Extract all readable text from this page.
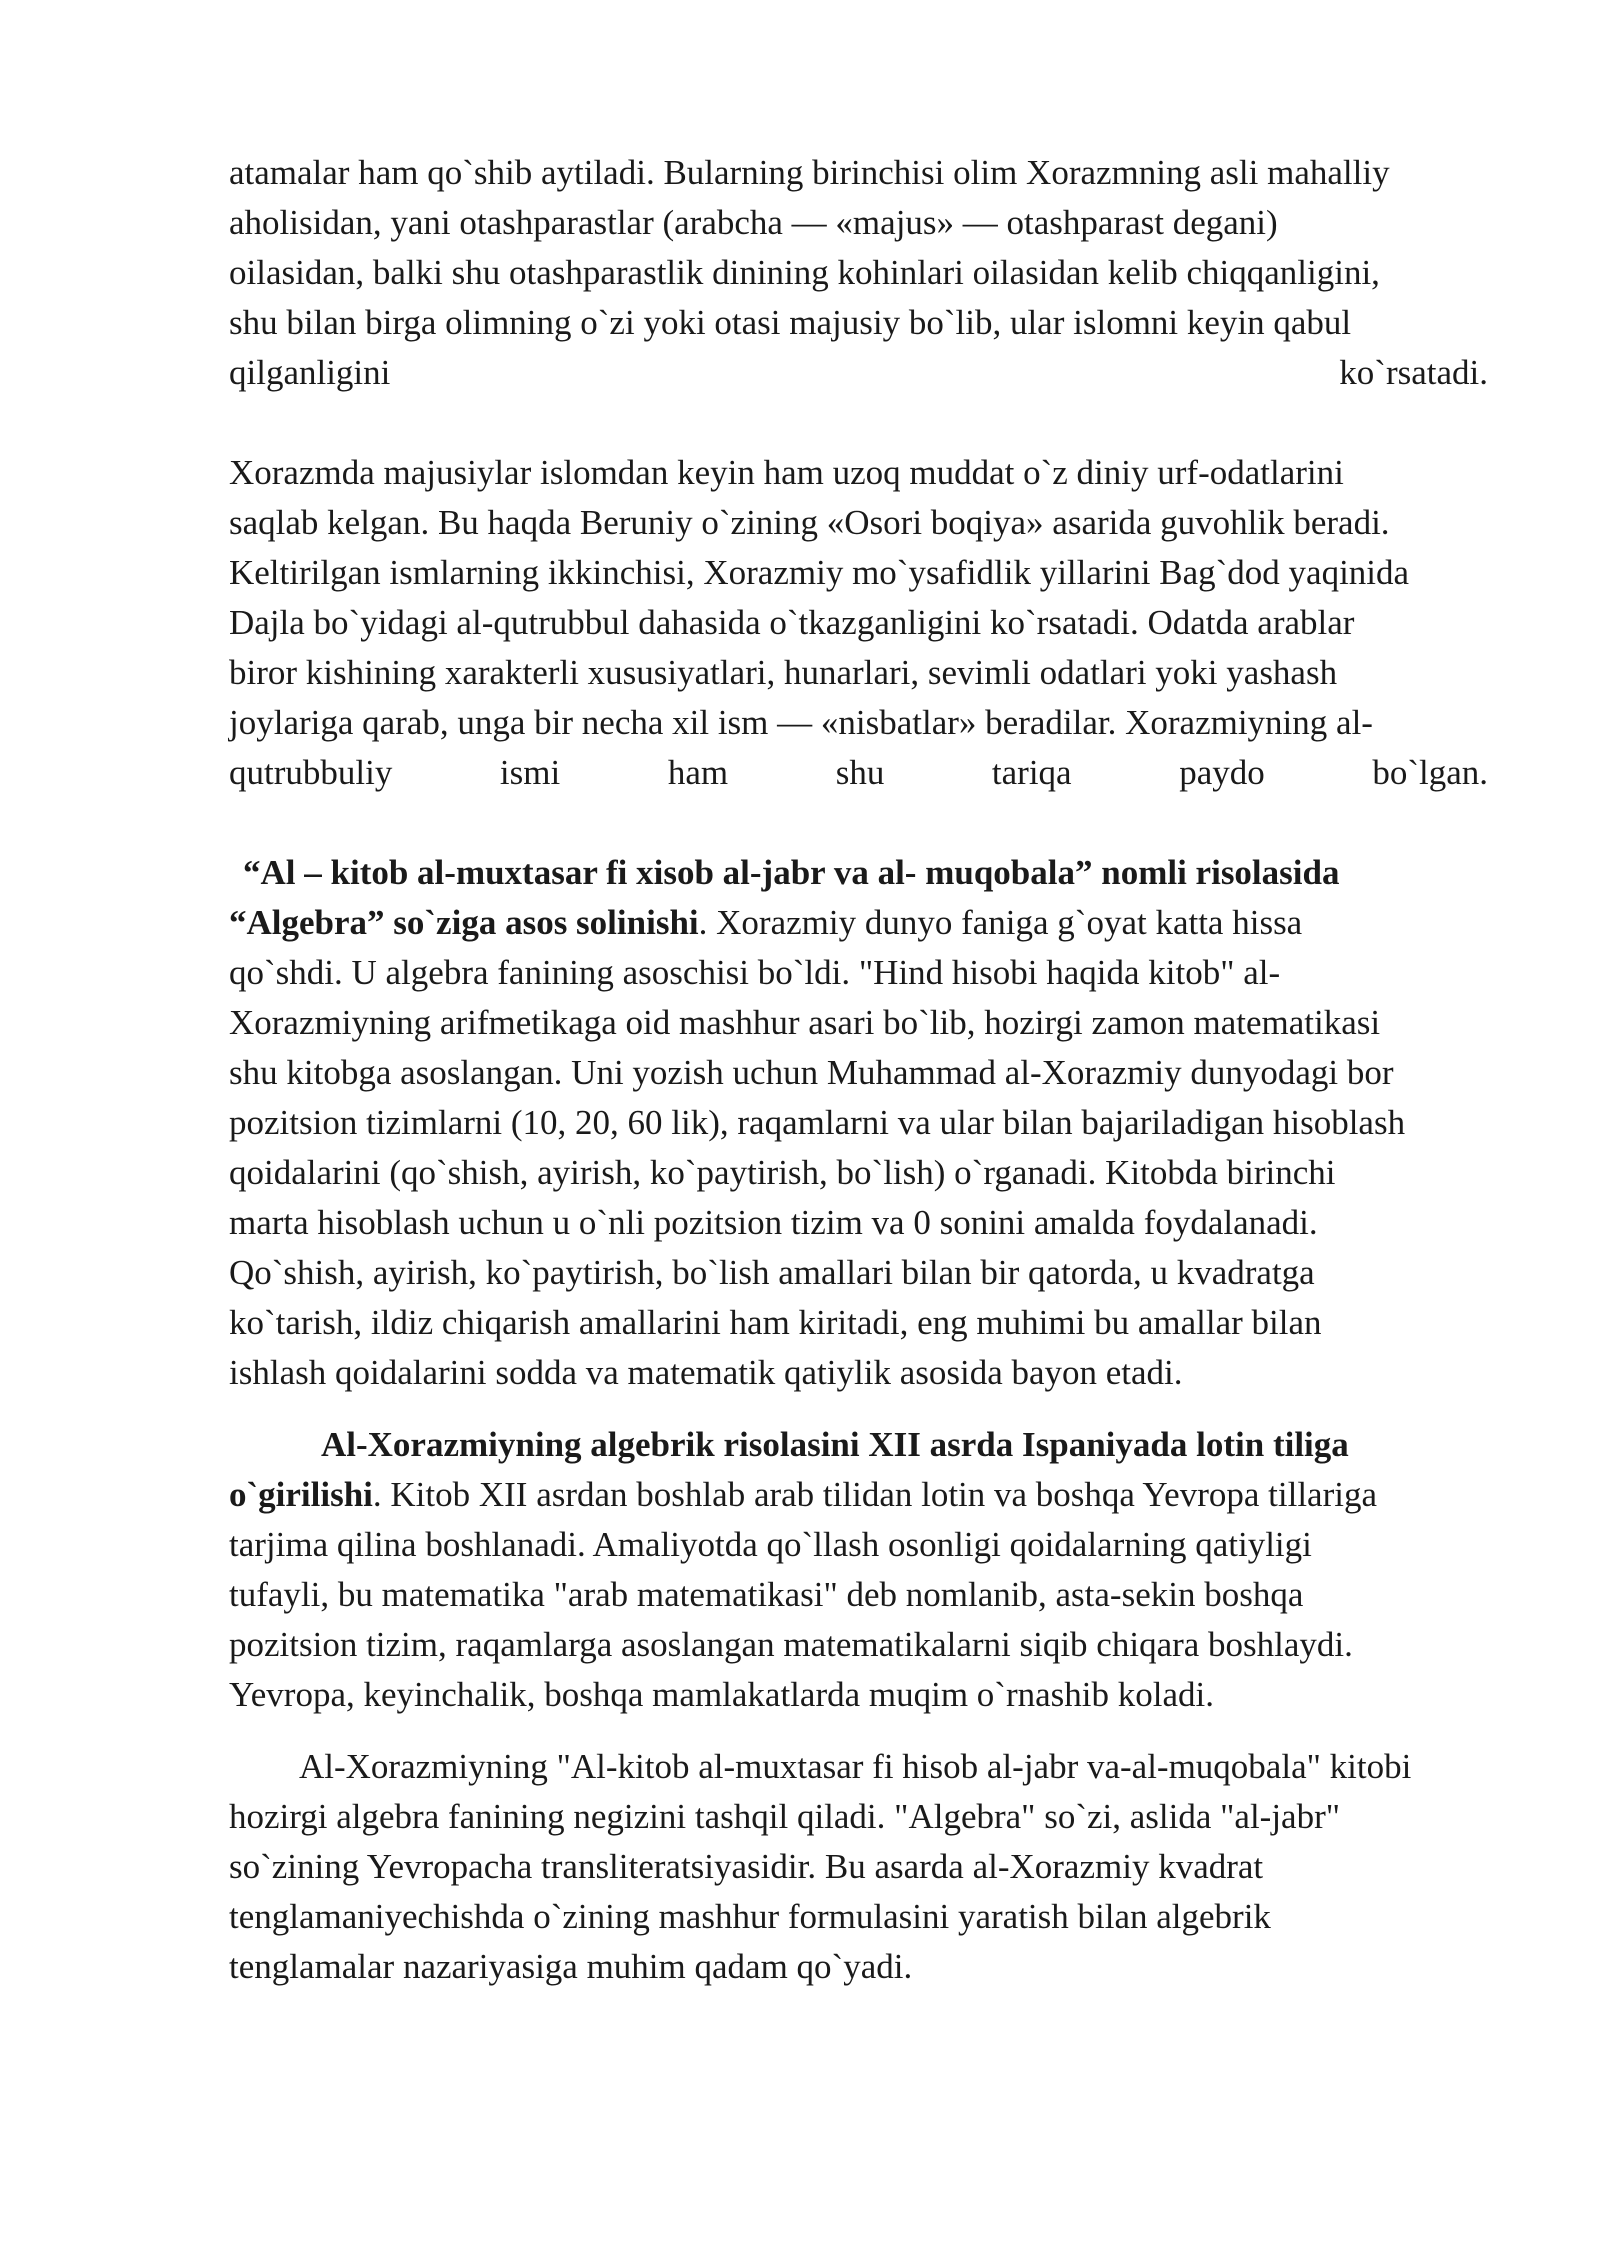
atamalar ham qo`shib aytiladi. Bularning birinchisi olim Xorazmning asli mahalliy
aholisidan, yani otashparastlar (arabcha — «majus» — otashparast degani)
oilasidan, balki shu otashparastlik dinining kohinlari oilasidan kelib chiqqanligini,
shu bilan birga olimning o`zi yoki otasi majusiy bo`lib, ular islomni keyin qabul
qilganligini ko`rsatadi.

Xorazmda majusiylar islomdan keyin ham uzoq muddat o`z diniy urf-odatlarini
saqlab kelgan. Bu haqda Beruniy o`zining «Osori boqiya» asarida guvohlik beradi.
Keltirilgan ismlarning ikkinchisi, Xorazmiy mo`ysafidlik yillarini Bag`dod yaqinida
Dajla bo`yidagi al-qutrubbul dahasida o`tkazganligini ko`rsatadi. Odatda arablar
biror kishining xarakterli xususiyatlari, hunarlari, sevimli odatlari yoki yashash
joylariga qarab, unga bir necha xil ism — «nisbatlar» beradilar. Xorazmiyning al-
qutrubbuliy ismi ham shu tariqa paydo bo`lgan.

“Al – kitob al-muxtasar fi xisob al-jabr va al- muqobala” nomli risolasida
“Algebra” so`ziga asos solinishi. Xorazmiy dunyo faniga g`oyat katta hissa
qo`shdi. U algebra fanining asoschisi bo`ldi. "Hind hisobi haqida kitob" al-
Xorazmiyning arifmetikaga oid mashhur asari bo`lib, hozirgi zamon matematikasi
shu kitobga asoslangan. Uni yozish uchun Muhammad al-Xorazmiy dunyodagi bor
pozitsion tizimlarni (10, 20, 60 lik), raqamlarni va ular bilan bajariladigan hisoblash
qoidalarini (qo`shish, ayirish, ko`paytirish, bo`lish) o`rganadi. Kitobda birinchi
marta hisoblash uchun u o`nli pozitsion tizim va 0 sonini amalda foydalanadi.
Qo`shish, ayirish, ko`paytirish, bo`lish amallari bilan bir qatorda, u kvadratga
ko`tarish, ildiz chiqarish amallarini ham kiritadi, eng muhimi bu amallar bilan
ishlash qoidalarini sodda va matematik qatiylik asosida bayon etadi.

Al-Xorazmiyning algebrik risolasini XII asrda Ispaniyada lotin tiliga
o`girilishi. Kitob XII asrdan boshlab arab tilidan lotin va boshqa Yevropa tillariga
tarjima qilina boshlanadi. Amaliyotda qo`llash osonligi qoidalarning qatiyligi
tufayli, bu matematika "arab matematikasi" deb nomlanib, asta-sekin boshqa
pozitsion tizim, raqamlarga asoslangan matematikalarni siqib chiqara boshlaydi.
Yevropa, keyinchalik, boshqa mamlakatlarda muqim o`rnashib koladi.

Al-Xorazmiyning "Al-kitob al-muxtasar fi hisob al-jabr va-al-muqobala" kitobi
hozirgi algebra fanining negizini tashqil qiladi. "Algebra" so`zi, aslida "al-jabr"
so`zining Yevropacha transliteratsiyasidir. Bu asarda al-Xorazmiy kvadrat
tenglamaniyechishda o`zining mashhur formulasini yaratish bilan algebrik
tenglamalar nazariyasiga muhim qadam qo`yadi.
